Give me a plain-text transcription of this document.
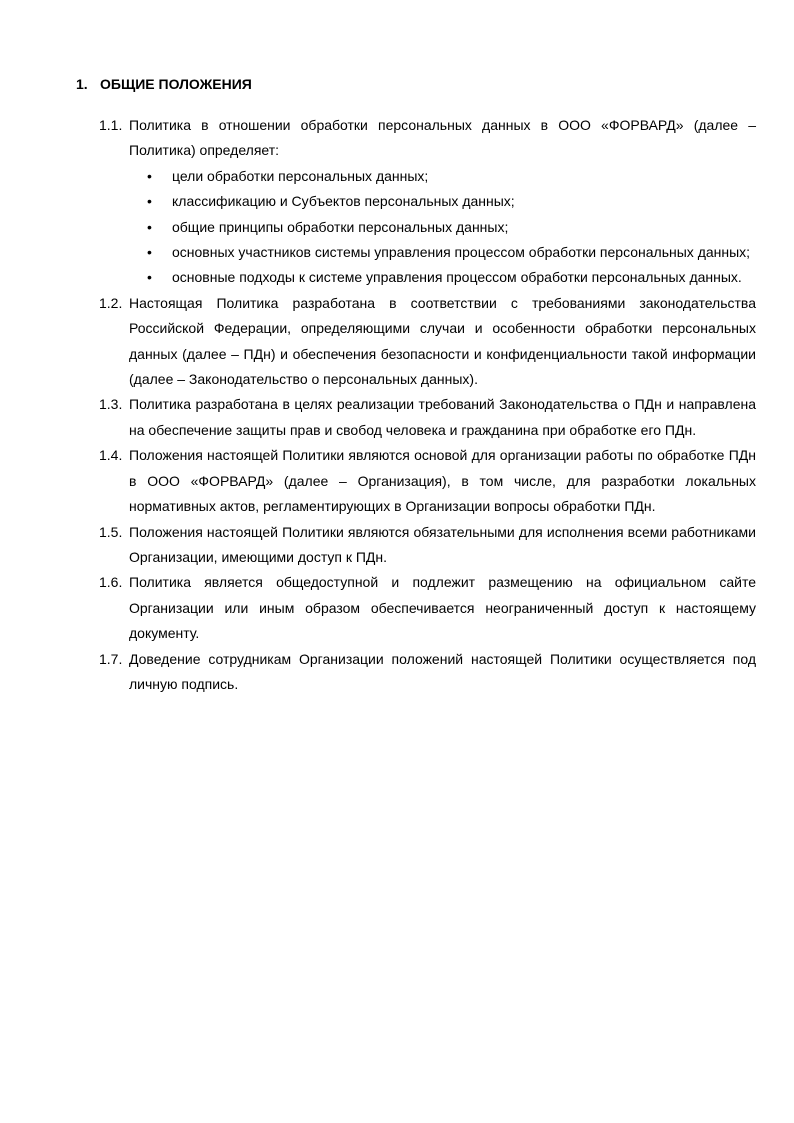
1. ОБЩИЕ ПОЛОЖЕНИЯ
1.1. Политика в отношении обработки персональных данных в ООО «ФОРВАРД» (далее – Политика) определяет:
• цели обработки персональных данных;
• классификацию и Субъектов персональных данных;
• общие принципы обработки персональных данных;
• основных участников системы управления процессом обработки персональных данных;
• основные подходы к системе управления процессом обработки персональных данных.
1.2. Настоящая Политика разработана в соответствии с требованиями законодательства Российской Федерации, определяющими случаи и особенности обработки персональных данных (далее – ПДн) и обеспечения безопасности и конфиденциальности такой информации (далее – Законодательство о персональных данных).
1.3. Политика разработана в целях реализации требований Законодательства о ПДн и направлена на обеспечение защиты прав и свобод человека и гражданина при обработке его ПДн.
1.4. Положения настоящей Политики являются основой для организации работы по обработке ПДн в ООО «ФОРВАРД» (далее – Организация), в том числе, для разработки локальных нормативных актов, регламентирующих в Организации вопросы обработки ПДн.
1.5. Положения настоящей Политики являются обязательными для исполнения всеми работниками Организации, имеющими доступ к ПДн.
1.6. Политика является общедоступной и подлежит размещению на официальном сайте Организации или иным образом обеспечивается неограниченный доступ к настоящему документу.
1.7. Доведение сотрудникам Организации положений настоящей Политики осуществляется под личную подпись.
